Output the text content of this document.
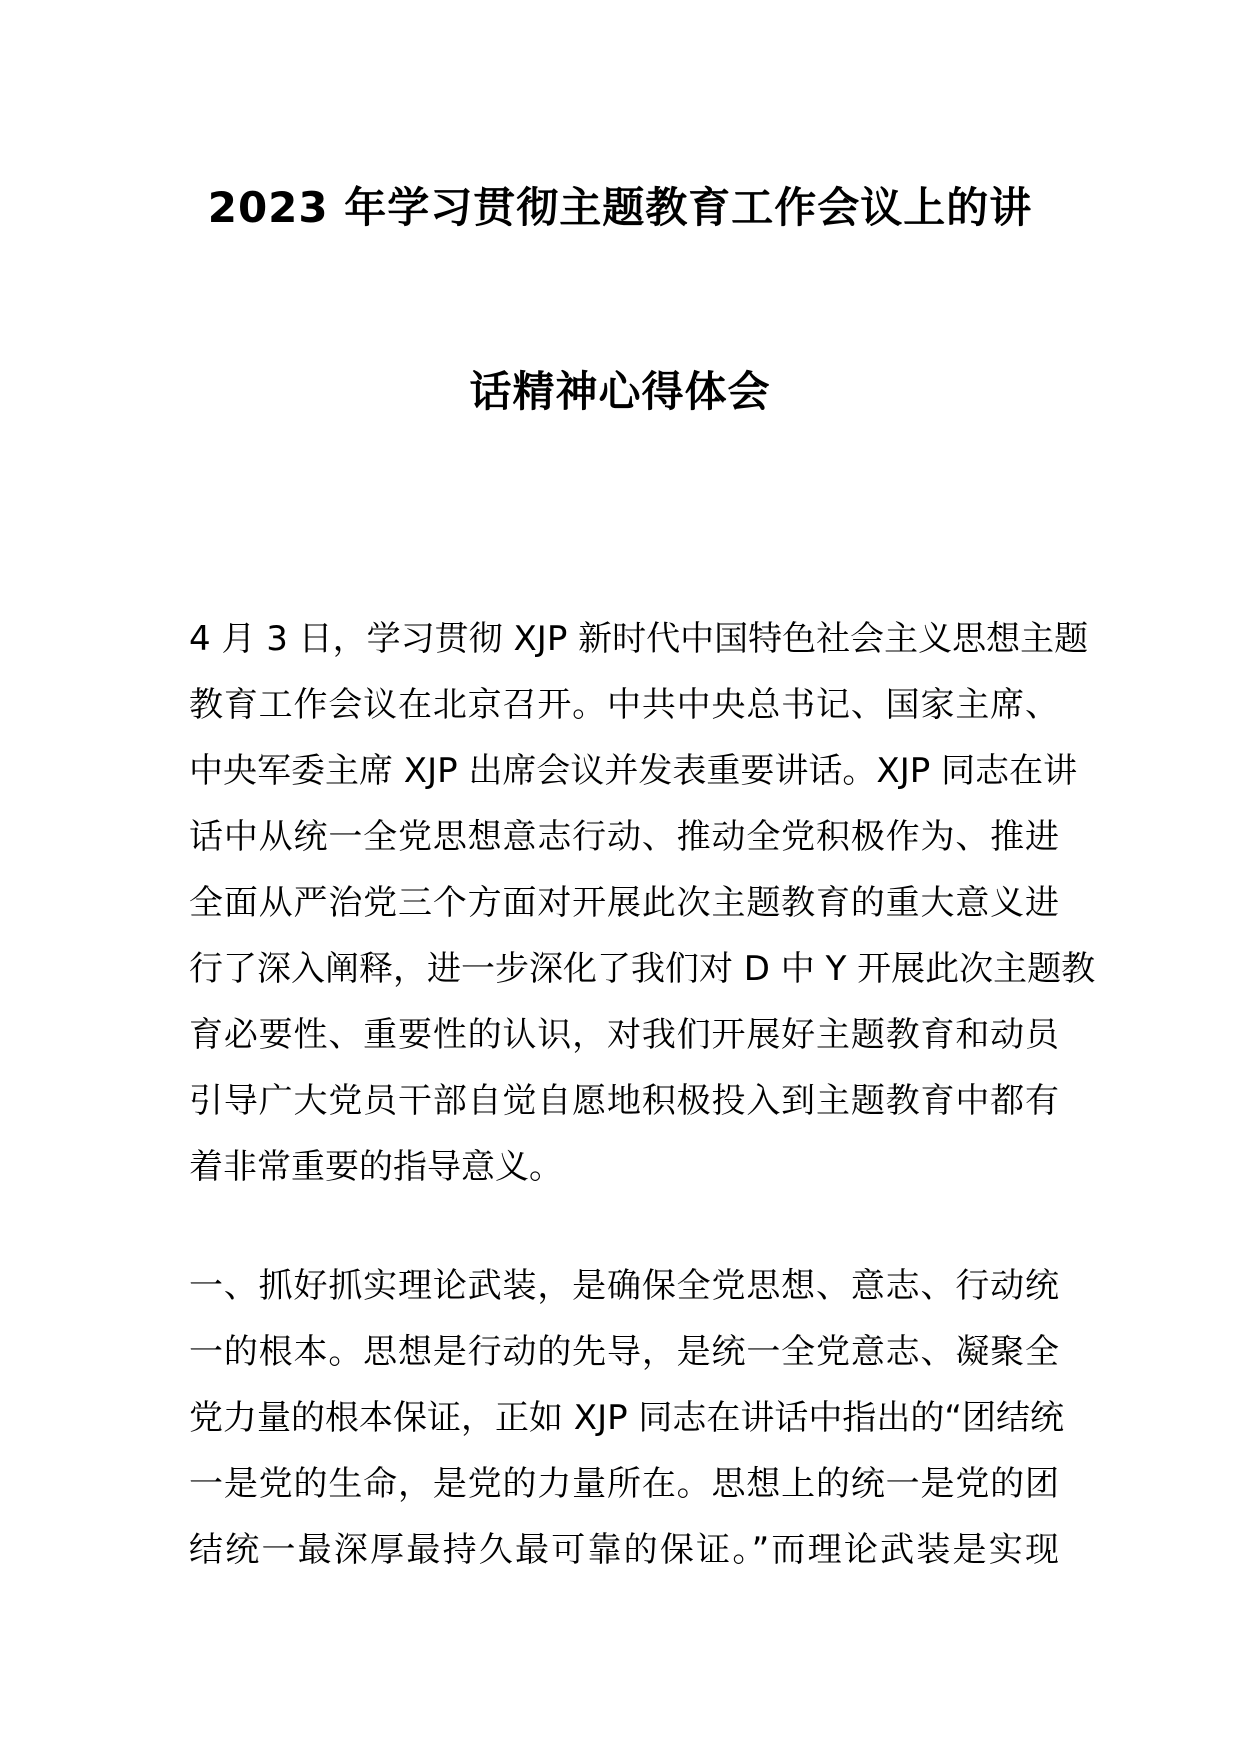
2023 年学习贯彻主题教育工作会议上的讲
话精神心得体会
4 月 3 日，学习贯彻 XJP 新时代中国特色社会主义思想主题
教育工作会议在北京召开。中共中央总书记、国家主席、
中央军委主席 XJP 出席会议并发表重要讲话。XJP 同志在讲
话中从统一全党思想意志行动、推动全党积极作为、推进
全面从严治党三个方面对开展此次主题教育的重大意义进
行了深入阐释，进一步深化了我们对 D 中 Y 开展此次主题教
育必要性、重要性的认识，对我们开展好主题教育和动员
引导广大党员干部自觉自愿地积极投入到主题教育中都有
着非常重要的指导意义。
一、抓好抓实理论武装，是确保全党思想、意志、行动统
一的根本。思想是行动的先导，是统一全党意志、凝聚全
党力量的根本保证，正如 XJP 同志在讲话中指出的“团结统
一是党的生命，是党的力量所在。思想上的统一是党的团
结统一最深厚最持久最可靠的保证。”而理论武装是实现
